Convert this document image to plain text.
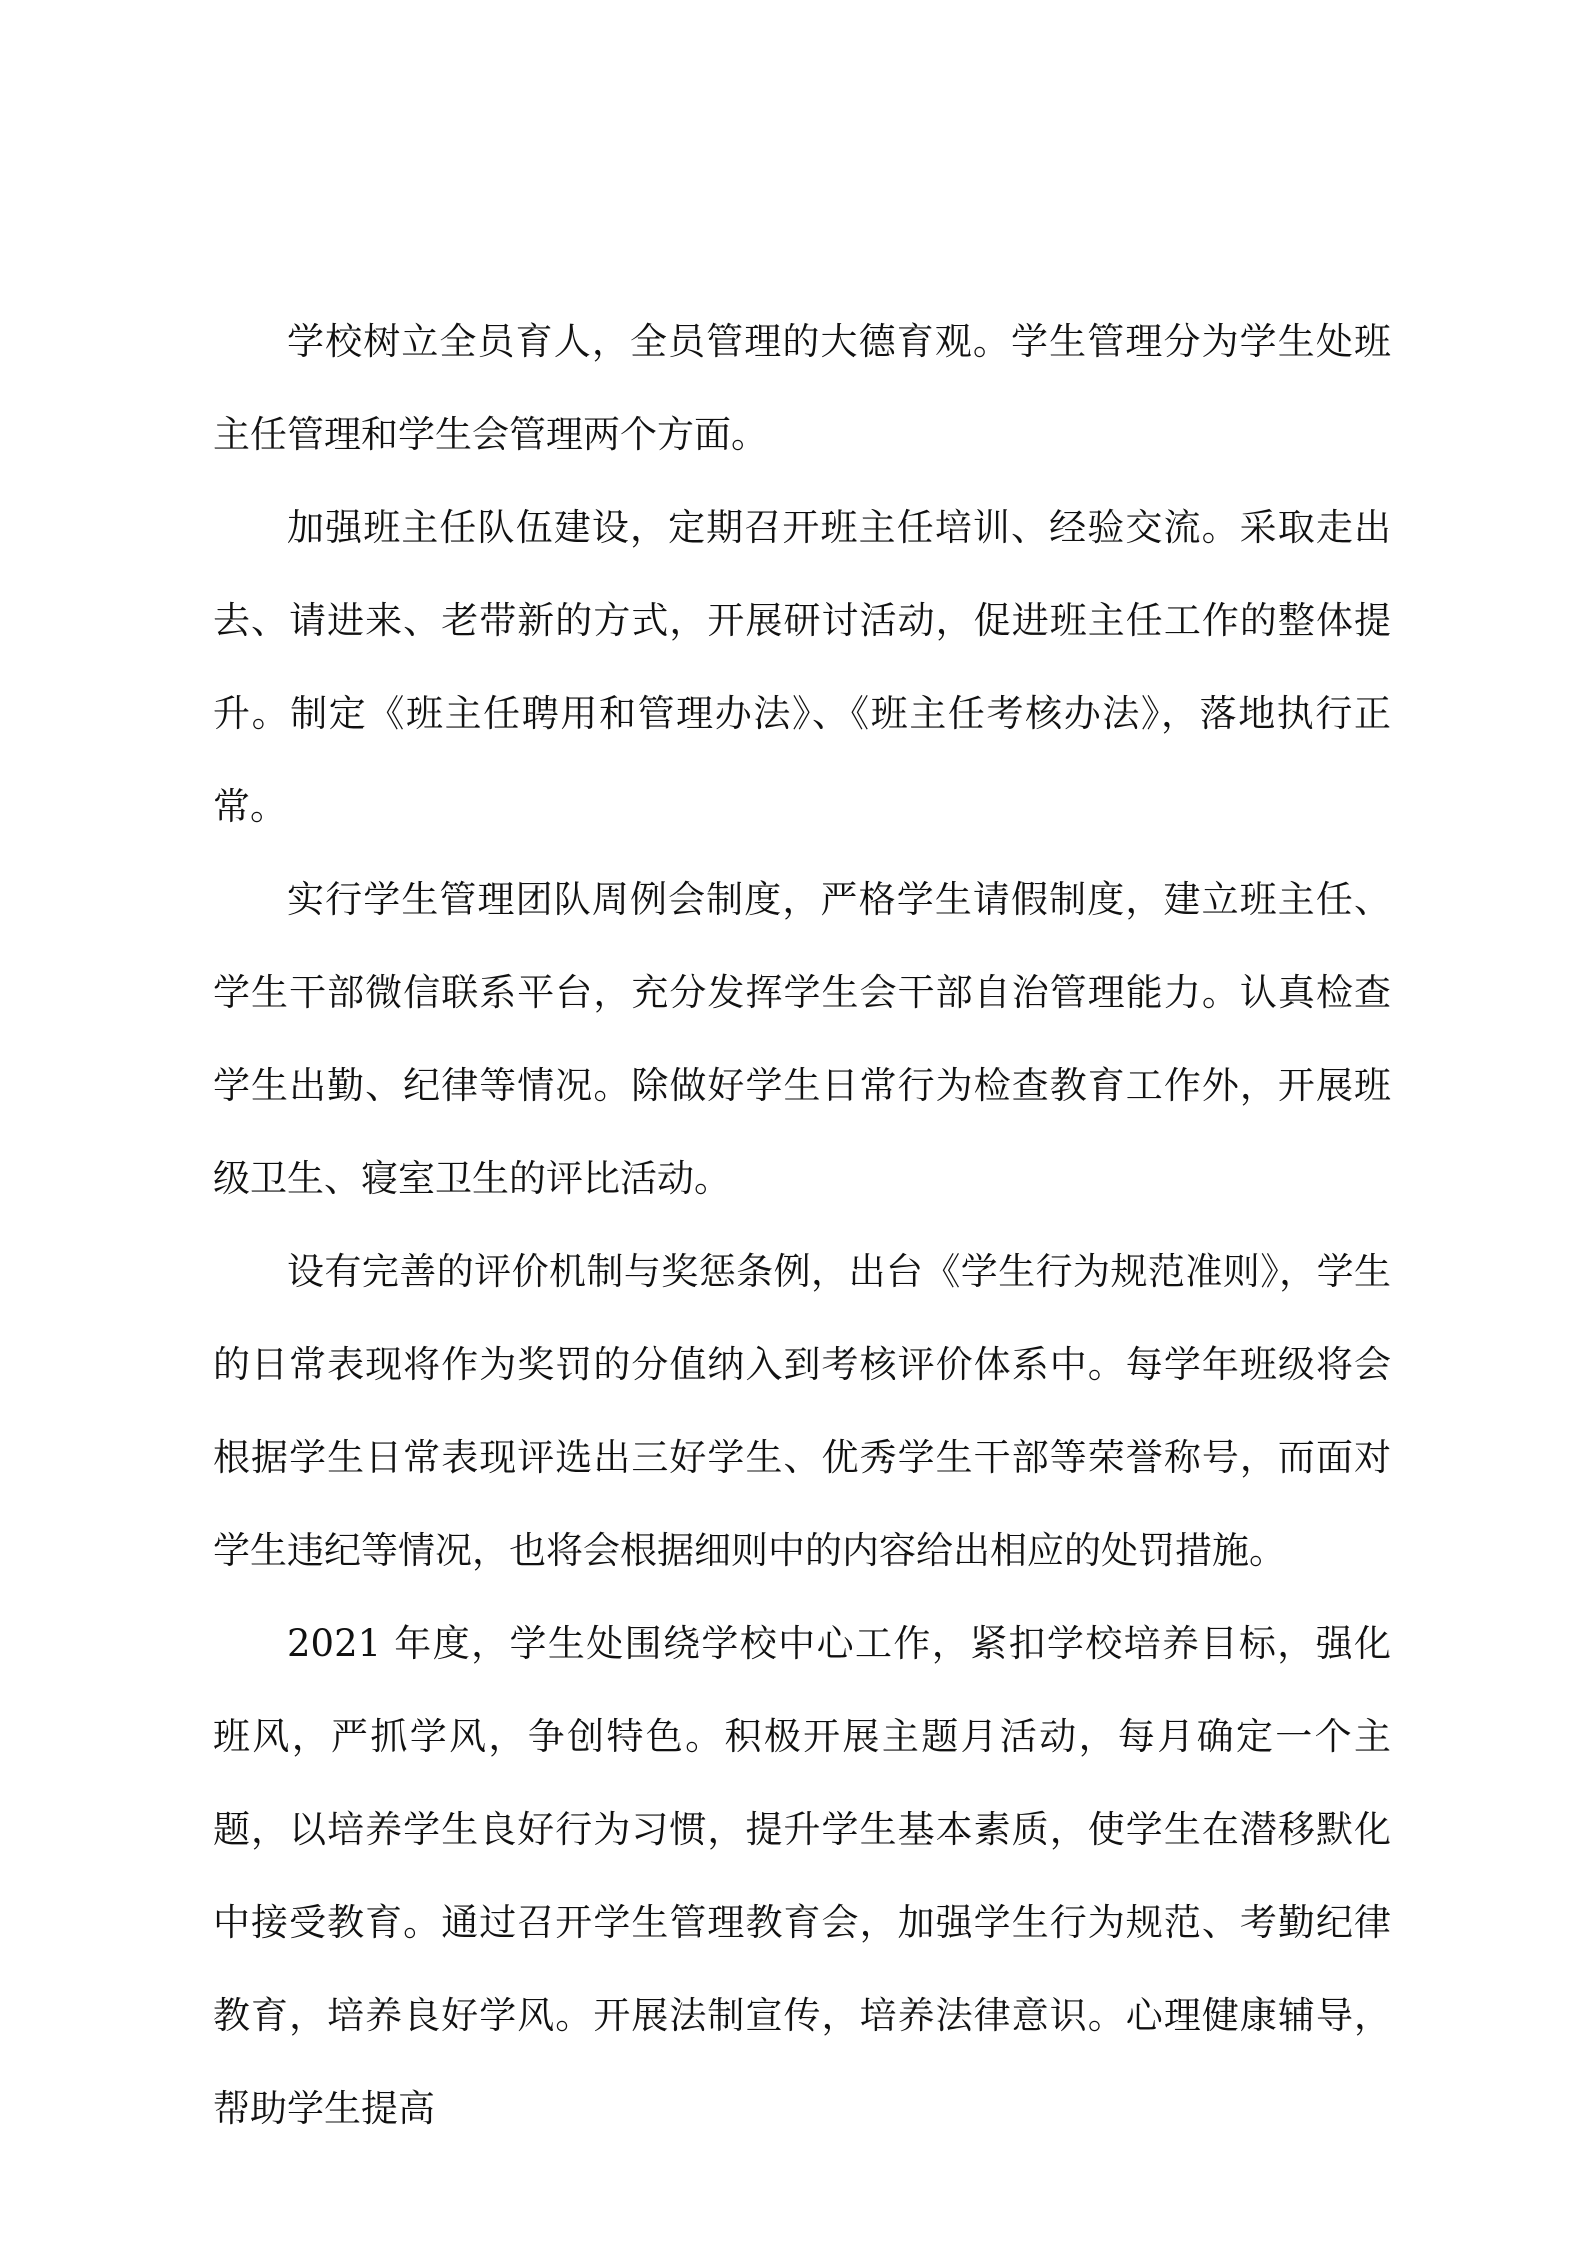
学校树立全员育人，全员管理的大德育观。学生管理分为学生处班主任管理和学生会管理两个方面。

加强班主任队伍建设，定期召开班主任培训、经验交流。采取走出去、请进来、老带新的方式，开展研讨活动，促进班主任工作的整体提升。制定《班主任聘用和管理办法》、《班主任考核办法》，落地执行正常。

实行学生管理团队周例会制度，严格学生请假制度，建立班主任、学生干部微信联系平台，充分发挥学生会干部自治管理能力。认真检查学生出勤、纪律等情况。除做好学生日常行为检查教育工作外，开展班级卫生、寝室卫生的评比活动。

设有完善的评价机制与奖惩条例，出台《学生行为规范准则》，学生的日常表现将作为奖罚的分值纳入到考核评价体系中。每学年班级将会根据学生日常表现评选出三好学生、优秀学生干部等荣誉称号，而面对学生违纪等情况，也将会根据细则中的内容给出相应的处罚措施。

2021 年度，学生处围绕学校中心工作，紧扣学校培养目标，强化班风，严抓学风，争创特色。积极开展主题月活动，每月确定一个主题，以培养学生良好行为习惯，提升学生基本素质，使学生在潜移默化中接受教育。通过召开学生管理教育会，加强学生行为规范、考勤纪律教育，培养良好学风。开展法制宣传，培养法律意识。心理健康辅导，帮助学生提高
